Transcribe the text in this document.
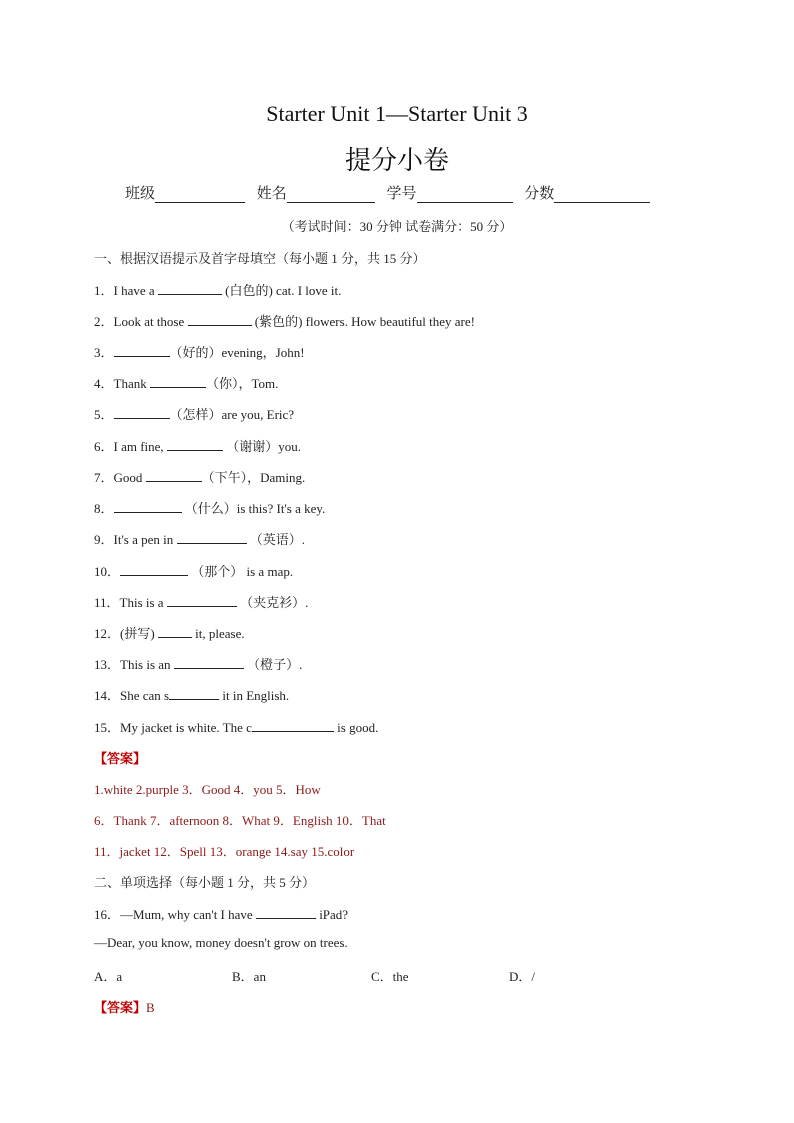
Starter Unit 1—Starter Unit 3
提分小卷
班级	姓名	学号	分数
（考试时间：30 分钟 试卷满分：50 分）
一、根据汉语提示及首字母填空（每小题 1 分，共 15 分）
1．I have a	(白色的) cat. I love it.
2．Look at those	(紫色的) flowers. How beautiful they are!
3．	（好的）evening，John!
4．Thank	（你），Tom.
5．	（怎样）are you, Eric?
6．I am fine,	（谢谢）you.
7．Good	（下午），Daming.
8．	（什么）is this? It's a key.
9．It's a pen in	（英语）.
10．	（那个） is a map.
11．This is a	（夹克衫）.
12．(拼写)	it, please.
13．This is an	（橙子）.
14．She can s	it in English.
15．My jacket is white. The c	is good.
【答案】
1.white 2.purple 3．Good 4．you 5．How
6．Thank 7．afternoon 8．What 9．English 10．That
11．jacket 12．Spell 13．orange 14.say 15.color
二、单项选择（每小题 1 分，共 5 分）
16．—Mum, why can't I have	iPad?
—Dear, you know, money doesn't grow on trees.
A．a	B．an	C．the	D．/
【答案】B
